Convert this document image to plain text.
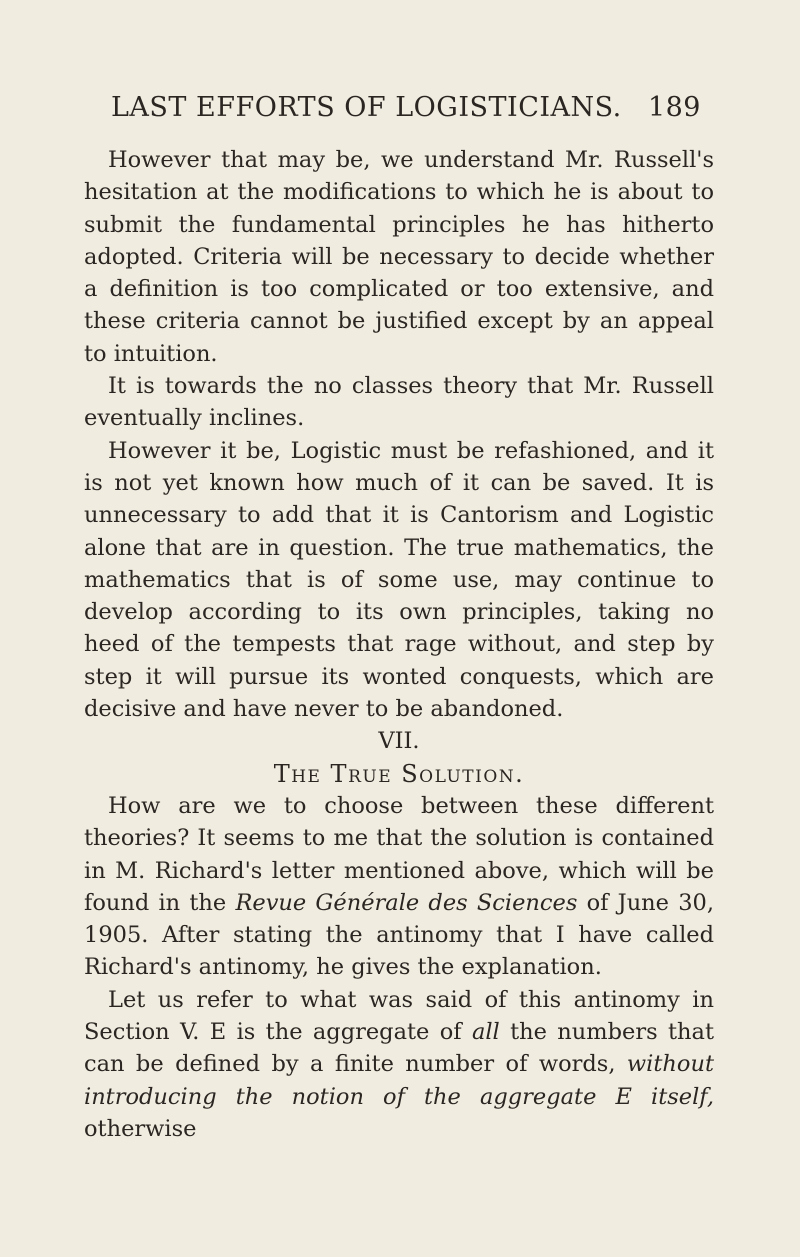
LAST EFFORTS OF LOGISTICIANS. 189

However that may be, we understand Mr. Russell's hesitation at the modifications to which he is about to submit the fundamental principles he has hitherto adopted. Criteria will be necessary to decide whether a definition is too complicated or too extensive, and these criteria cannot be justified except by an appeal to intuition.

It is towards the no classes theory that Mr. Russell eventually inclines.

However it be, Logistic must be refashioned, and it is not yet known how much of it can be saved. It is unnecessary to add that it is Cantorism and Logistic alone that are in question. The true mathematics, the mathematics that is of some use, may continue to develop according to its own principles, taking no heed of the tempests that rage without, and step by step it will pursue its wonted conquests, which are decisive and have never to be abandoned.

VII.

The True Solution.

How are we to choose between these different theories? It seems to me that the solution is contained in M. Richard's letter mentioned above, which will be found in the Revue Générale des Sciences of June 30, 1905. After stating the antinomy that I have called Richard's antinomy, he gives the explanation.

Let us refer to what was said of this antinomy in Section V. E is the aggregate of all the numbers that can be defined by a finite number of words, without introducing the notion of the aggregate E itself, otherwise
